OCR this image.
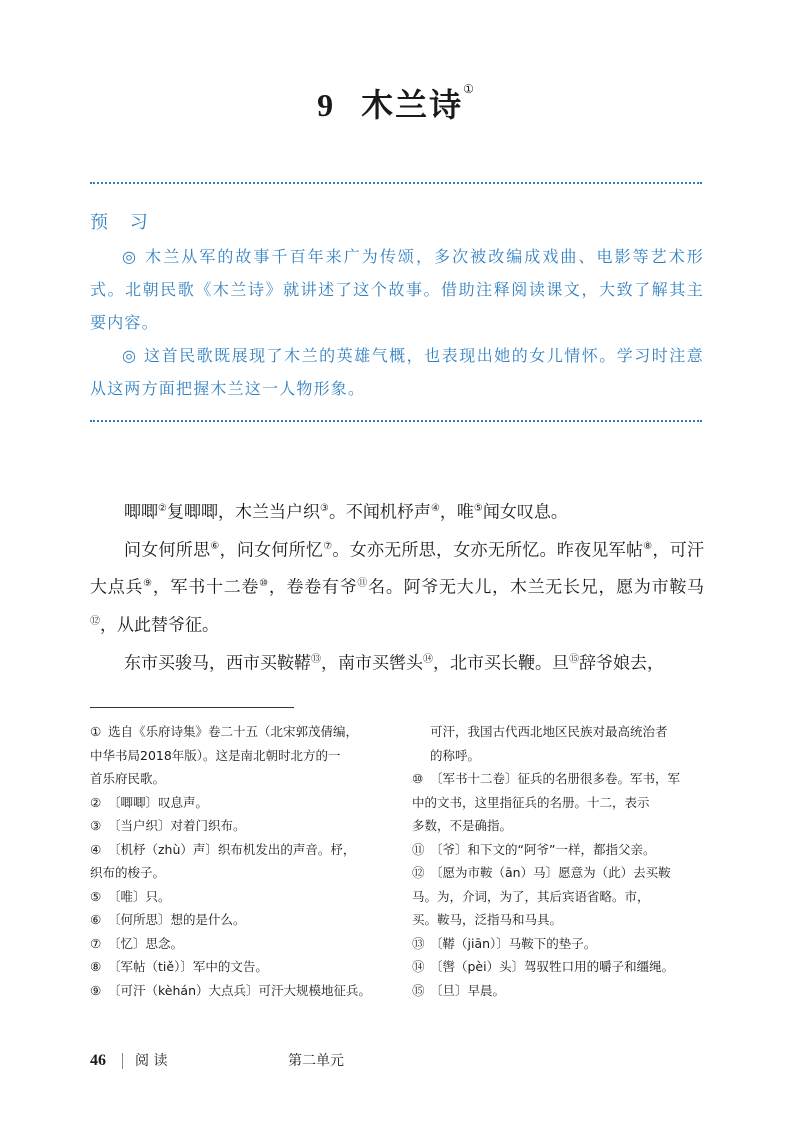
9 木兰诗①
预 习

◎ 木兰从军的故事千百年来广为传颂，多次被改编成戏曲、电影等艺术形式。北朝民歌《木兰诗》就讲述了这个故事。借助注释阅读课文，大致了解其主要内容。

◎ 这首民歌既展现了木兰的英雄气概，也表现出她的女儿情怀。学习时注意从这两方面把握木兰这一人物形象。

唧唧②复唧唧，木兰当户织③。不闻机杼声④，唯⑤闻女叹息。

问女何所思⑥，问女何所忆⑦。女亦无所思，女亦无所忆。昨夜见军帖⑧，可汗大点兵⑨，军书十二卷⑩，卷卷有爷⑪名。阿爷无大儿，木兰无长兄，愿为市鞍马⑫，从此替爷征。

东市买骏马，西市买鞍鞯⑬，南市买辔头⑭，北市买长鞭。旦⑮辞爷娘去，

① 选自《乐府诗集》卷二十五（北宋郭茂倩编，
中华书局2018年版）。这是南北朝时北方的一
首乐府民歌。
② 〔唧唧〕叹息声。
③ 〔当户织〕对着门织布。
④ 〔机杼（zhù）声〕织布机发出的声音。杼，
织布的梭子。
⑤ 〔唯〕只。
⑥ 〔何所思〕想的是什么。
⑦ 〔忆〕思念。
⑧ 〔军帖（tiě）〕军中的文告。
⑨ 〔可汗（kèhán）大点兵〕可汗大规模地征兵。
可汗，我国古代西北地区民族对最高统治者
的称呼。
⑩ 〔军书十二卷〕征兵的名册很多卷。军书，军
中的文书，这里指征兵的名册。十二，表示
多数，不是确指。
⑪ 〔爷〕和下文的“阿爷”一样，都指父亲。
⑫ 〔愿为市鞍（ān）马〕愿意为（此）去买鞍
马。为，介词，为了，其后宾语省略。市，
买。鞍马，泛指马和马具。
⑬ 〔鞯（jiān）〕马鞍下的垫子。
⑭ 〔辔（pèi）头〕驾驭牲口用的嚼子和缰绳。
⑮ 〔旦〕早晨。
46 阅 读	第二单元
